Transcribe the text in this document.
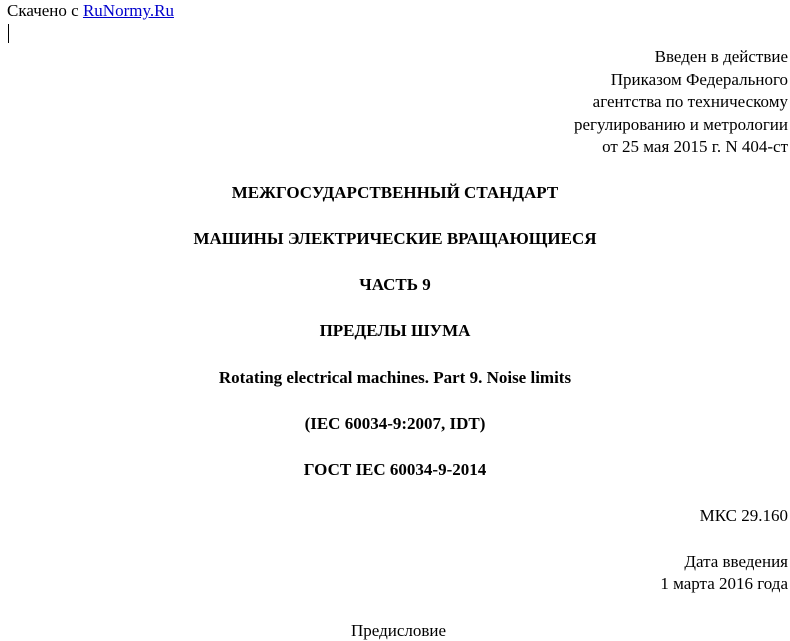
Скачено с RuNormy.Ru
Введен в действие
Приказом Федерального
агентства по техническому
регулированию и метрологии
от 25 мая 2015 г. N 404-ст
МЕЖГОСУДАРСТВЕННЫЙ СТАНДАРТ
МАШИНЫ ЭЛЕКТРИЧЕСКИЕ ВРАЩАЮЩИЕСЯ
ЧАСТЬ 9
ПРЕДЕЛЫ ШУМА
Rotating electrical machines. Part 9. Noise limits
(IEC 60034-9:2007, IDT)
ГОСТ IEC 60034-9-2014
МКС 29.160
Дата введения
1 марта 2016 года
Предисловие
